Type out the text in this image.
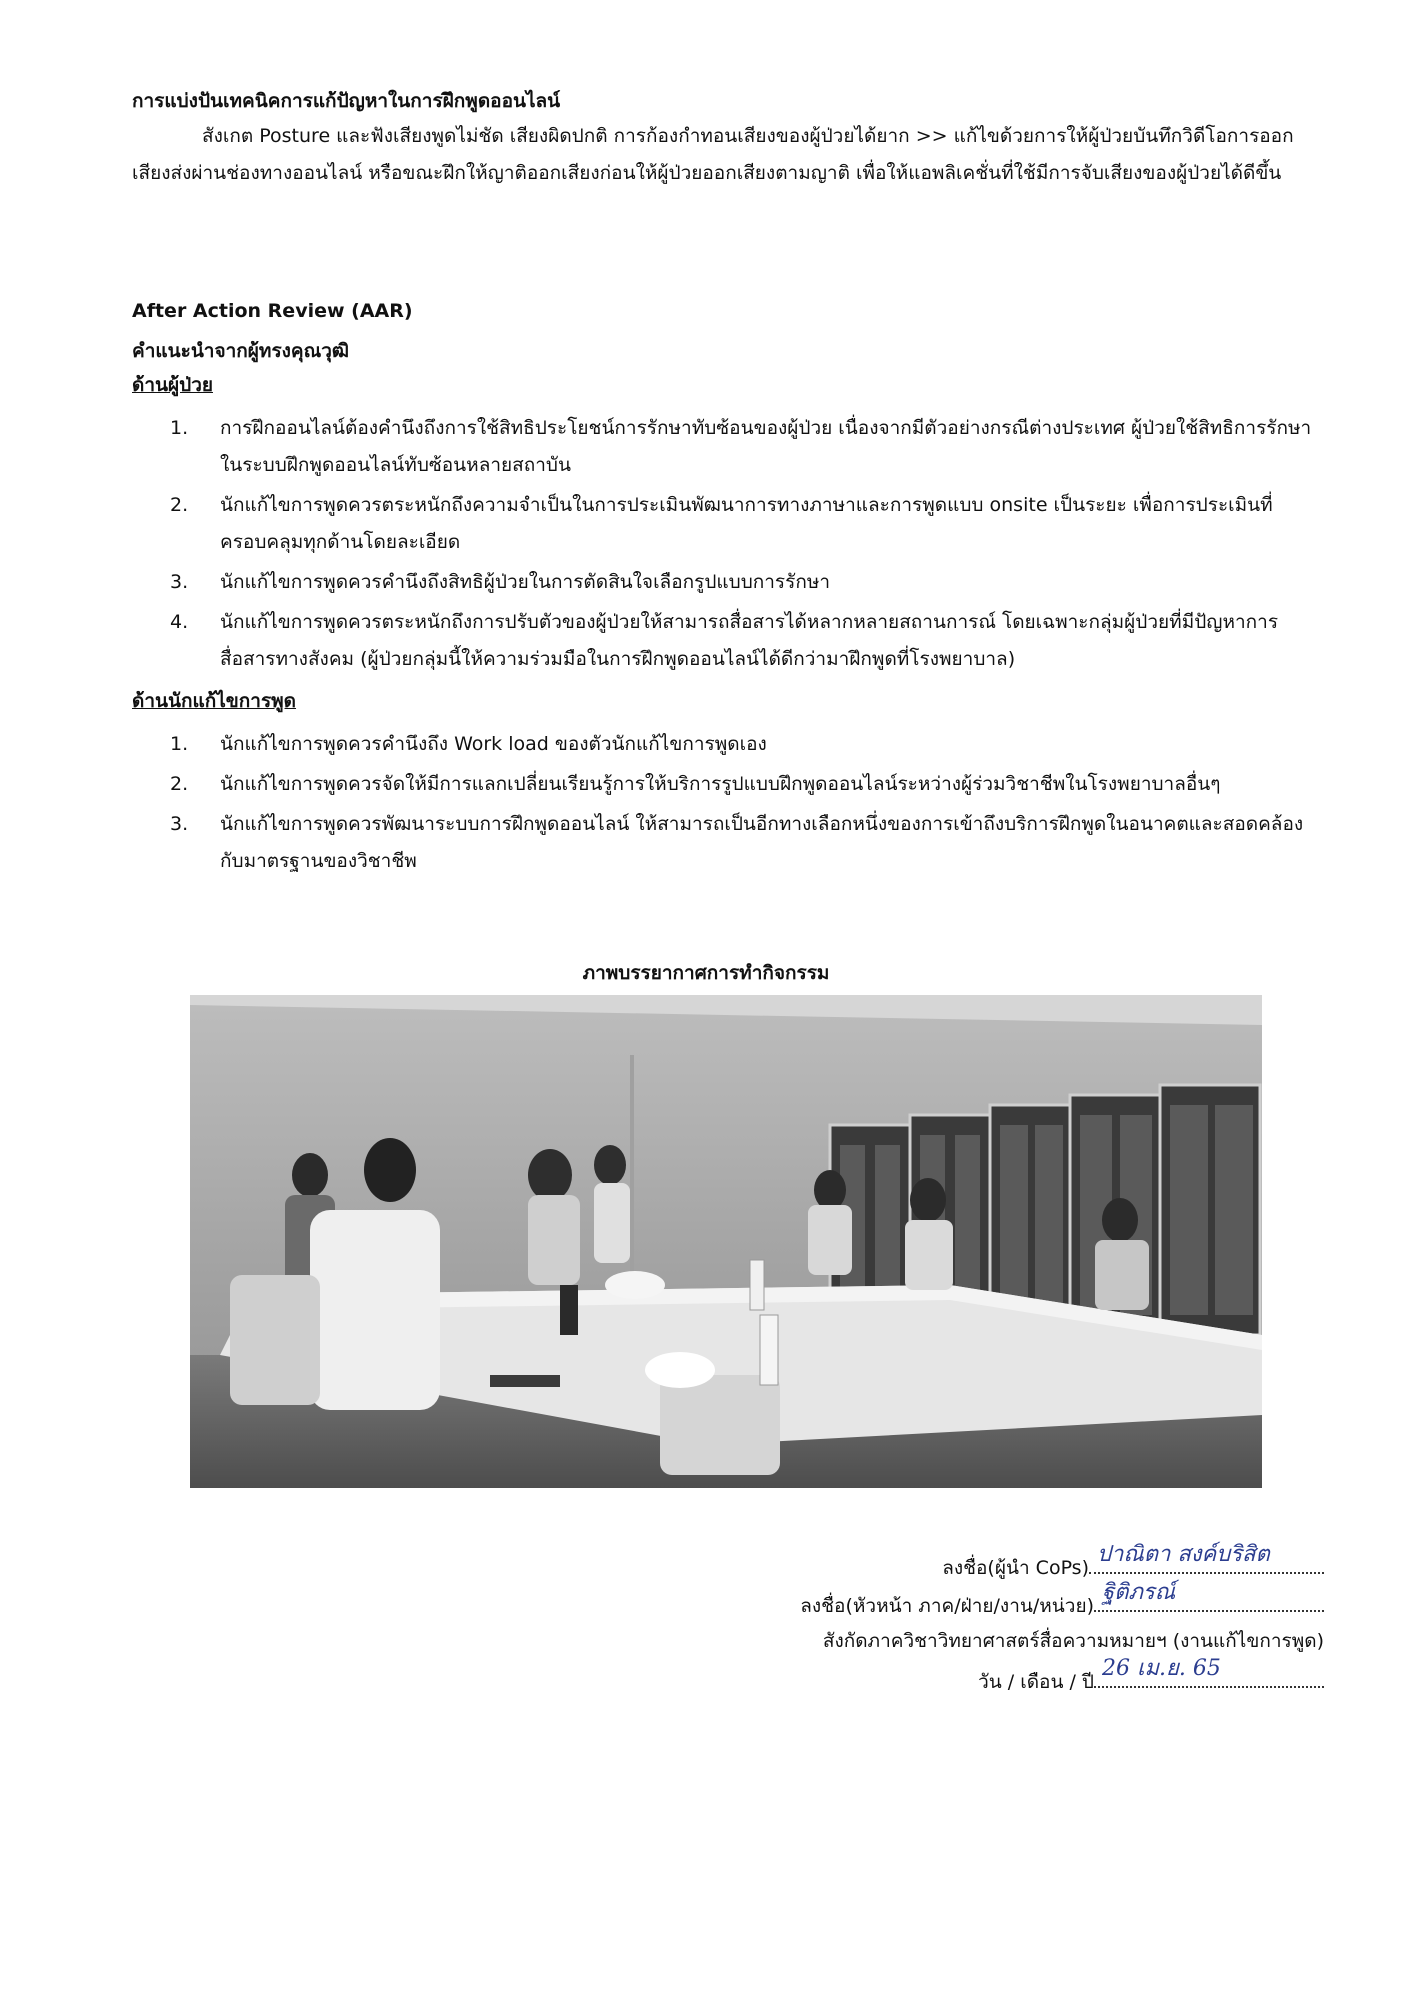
การแบ่งปันเทคนิคการแก้ปัญหาในการฝึกพูดออนไลน์

สังเกต Posture และฟังเสียงพูดไม่ชัด เสียงผิดปกติ การก้องกำทอนเสียงของผู้ป่วยได้ยาก >> แก้ไขด้วยการให้ผู้ป่วยบันทึกวิดีโอการออกเสียงส่งผ่านช่องทางออนไลน์ หรือขณะฝึกให้ญาติออกเสียงก่อนให้ผู้ป่วยออกเสียงตามญาติ เพื่อให้แอพลิเคชั่นที่ใช้มีการจับเสียงของผู้ป่วยได้ดีขึ้น

After Action Review (AAR)
คำแนะนำจากผู้ทรงคุณวุฒิ
ด้านผู้ป่วย
1.	การฝึกออนไลน์ต้องคำนึงถึงการใช้สิทธิประโยชน์การรักษาทับซ้อนของผู้ป่วย เนื่องจากมีตัวอย่างกรณีต่างประเทศ ผู้ป่วยใช้สิทธิการรักษาในระบบฝึกพูดออนไลน์ทับซ้อนหลายสถาบัน
2.	นักแก้ไขการพูดควรตระหนักถึงความจำเป็นในการประเมินพัฒนาการทางภาษาและการพูดแบบ onsite เป็นระยะ เพื่อการประเมินที่ครอบคลุมทุกด้านโดยละเอียด
3.	นักแก้ไขการพูดควรคำนึงถึงสิทธิผู้ป่วยในการตัดสินใจเลือกรูปแบบการรักษา
4.	นักแก้ไขการพูดควรตระหนักถึงการปรับตัวของผู้ป่วยให้สามารถสื่อสารได้หลากหลายสถานการณ์ โดยเฉพาะกลุ่มผู้ป่วยที่มีปัญหาการสื่อสารทางสังคม (ผู้ป่วยกลุ่มนี้ให้ความร่วมมือในการฝึกพูดออนไลน์ได้ดีกว่ามาฝึกพูดที่โรงพยาบาล)
ด้านนักแก้ไขการพูด
1.	นักแก้ไขการพูดควรคำนึงถึง Work load ของตัวนักแก้ไขการพูดเอง
2.	นักแก้ไขการพูดควรจัดให้มีการแลกเปลี่ยนเรียนรู้การให้บริการรูปแบบฝึกพูดออนไลน์ระหว่างผู้ร่วมวิชาชีพในโรงพยาบาลอื่นๆ
3.	นักแก้ไขการพูดควรพัฒนาระบบการฝึกพูดออนไลน์ ให้สามารถเป็นอีกทางเลือกหนึ่งของการเข้าถึงบริการฝึกพูดในอนาคตและสอดคล้องกับมาตรฐานของวิชาชีพ

ภาพบรรยากาศการทำกิจกรรม

ลงชื่อ(ผู้นำ CoPs)
ปาณิตา สงค์บริสิต
ลงชื่อ(หัวหน้า ภาค/ฝ่าย/งาน/หน่วย)
ฐิติภรณ์
สังกัดภาควิชาวิทยาศาสตร์สื่อความหมายฯ (งานแก้ไขการพูด)
วัน / เดือน / ปี
26 เม.ย. 65
